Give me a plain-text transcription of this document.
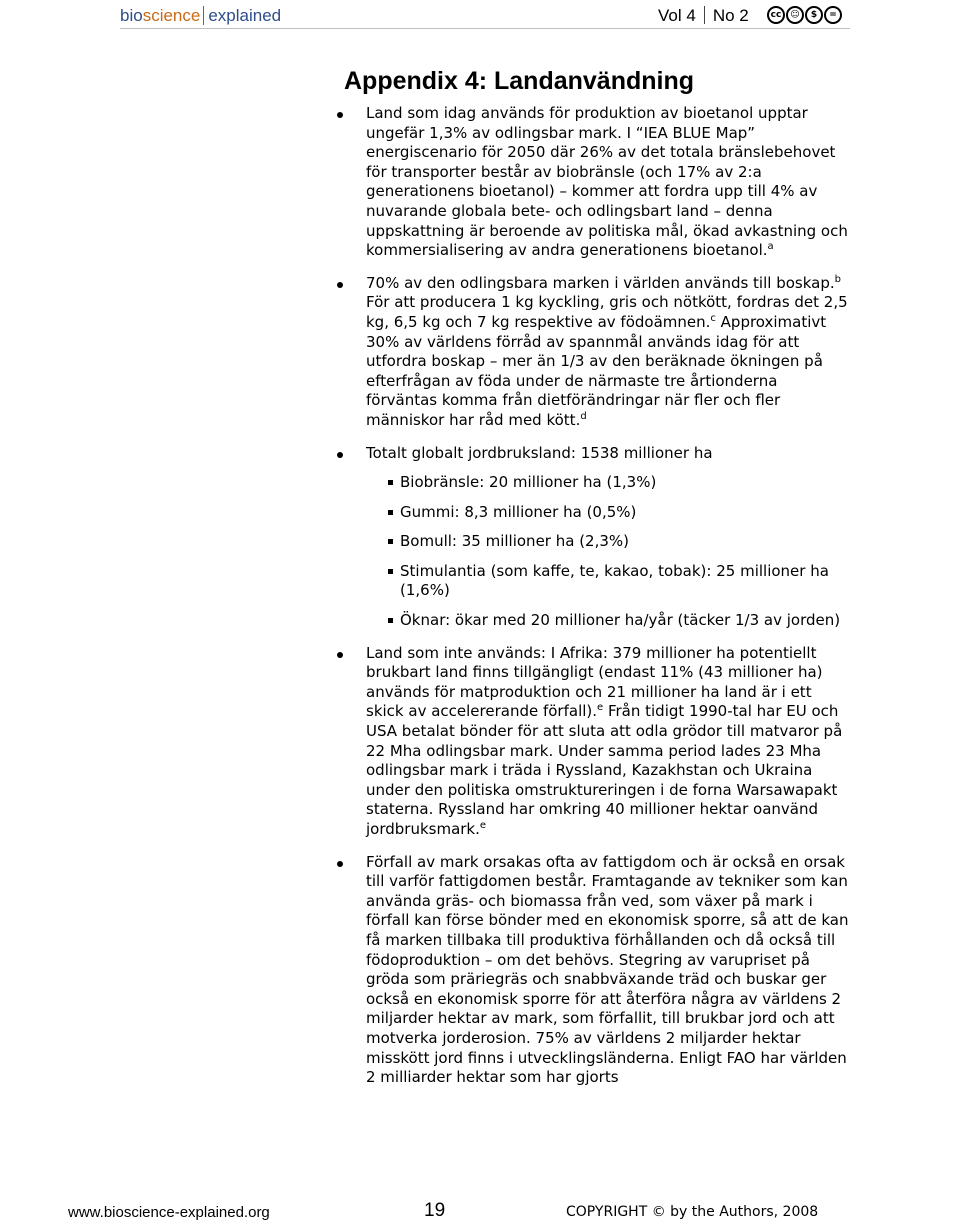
bioscience explained	Vol 4 No 2	cc ☺	$	=
Appendix 4: Landanvändning
Land som idag används för produktion av bioetanol upptar ungefär 1,3% av odlingsbar mark. I “IEA BLUE Map” energiscenario för 2050 där 26% av det totala bränslebehovet för transporter består av biobränsle (och 17% av 2:a generationens bioetanol) – kommer att fordra upp till 4% av nuvarande globala bete- och odlingsbart land – denna uppskattning är beroende av politiska mål, ökad avkastning och kommersialisering av andra generationens bioetanol.$^a$
70% av den odlingsbara marken i världen används till boskap.$^b$ För att producera 1 kg kyckling, gris och nötkött, fordras det 2,5 kg, 6,5 kg och 7 kg respektive av födoämnen.$^c$ Approximativt 30% av världens förråd av spannmål används idag för att utfordra boskap – mer än 1/3 av den beräknade ökningen på efterfrågan av föda under de närmaste tre årtionderna förväntas komma från dietförändringar när fler och fler människor har råd med kött.$^d$
Totalt globalt jordbruksland: 1538 millioner ha
Biobränsle: 20 millioner ha (1,3%)
Gummi: 8,3 millioner ha (0,5%)
Bomull: 35 millioner ha (2,3%)
Stimulantia (som kaffe, te, kakao, tobak): 25 millioner ha (1,6%)
Öknar: ökar med 20 millioner ha/yår (täcker 1/3 av jorden)
Land som inte används: I Afrika: 379 millioner ha potentiellt brukbart land finns tillgängligt (endast 11% (43 millioner ha) används för matproduktion och 21 millioner ha land är i ett skick av accelererande förfall).$^e$ Från tidigt 1990-tal har EU och USA betalat bönder för att sluta att odla grödor till matvaror på 22 Mha odlingsbar mark. Under samma period lades 23 Mha odlingsbar mark i träda i Ryssland, Kazakhstan och Ukraina under den politiska omstruktureringen i de forna Warsawapakt staterna. Ryssland har omkring 40 millioner hektar oanvänd jordbruksmark.$^e$
Förfall av mark orsakas ofta av fattigdom och är också en orsak till varför fattigdomen består. Framtagande av tekniker som kan använda gräs- och biomassa från ved, som växer på mark i förfall kan förse bönder med en ekonomisk sporre, så att de kan få marken tillbaka till produktiva förhållanden och då också till födoproduktion – om det behövs. Stegring av varupriset på gröda som präriegräs och snabbväxande träd och buskar ger också en ekonomisk sporre för att återföra några av världens 2 miljarder hektar av mark, som förfallit, till brukbar jord och att motverka jorderosion. 75% av världens 2 miljarder hektar misskött jord finns i utvecklingsländerna. Enligt FAO har världen 2 milliarder hektar som har gjorts
www.bioscience-explained.org	19	COPYRIGHT © by the Authors, 2008
